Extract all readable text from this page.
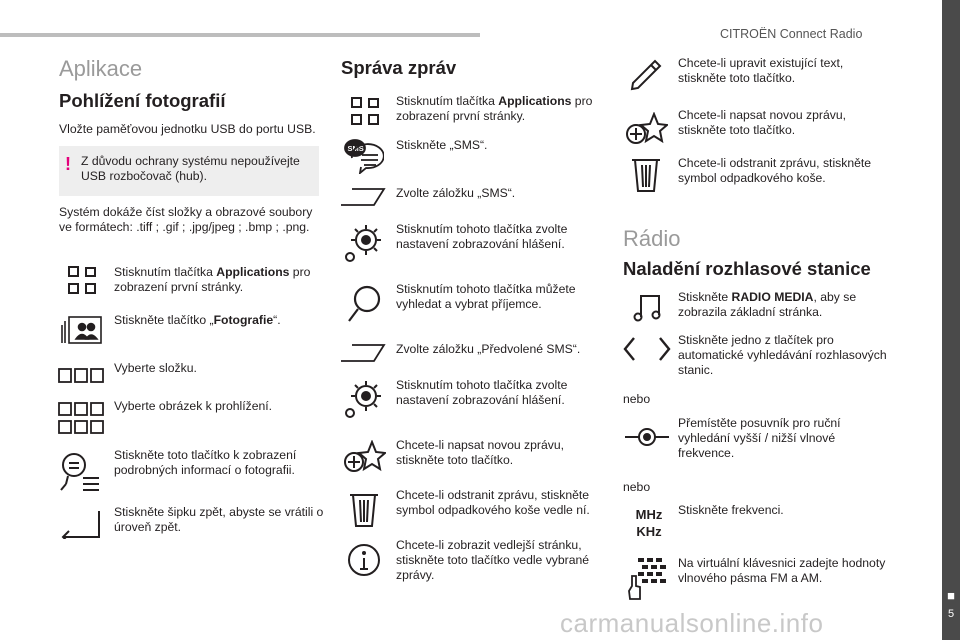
CITROËN Connect Radio
■
5
Aplikace
Pohlížení fotografií
Vložte paměťovou jednotku USB do portu USB.
! Z důvodu ochrany systému nepoužívejte USB rozbočovač (hub).
Systém dokáže číst složky a obrazové soubory ve formátech: .tiff ; .gif ; .jpg/jpeg ; .bmp ; .png.
Stisknutím tlačítka Applications pro zobrazení první stránky.
Stiskněte tlačítko „Fotografie“.
Vyberte složku.
Vyberte obrázek k prohlížení.
Stiskněte toto tlačítko k zobrazení podrobných informací o fotografii.
Stiskněte šipku zpět, abyste se vrátili o úroveň zpět.
Správa zpráv
Stisknutím tlačítka Applications pro zobrazení první stránky.
SMS	Stiskněte „SMS“.
Zvolte záložku „SMS“.
Stisknutím tohoto tlačítka zvolte nastavení zobrazování hlášení.
Stisknutím tohoto tlačítka můžete vyhledat a vybrat příjemce.
Zvolte záložku „Předvolené SMS“.
Stisknutím tohoto tlačítka zvolte nastavení zobrazování hlášení.
Chcete-li napsat novou zprávu, stiskněte toto tlačítko.
Chcete-li odstranit zprávu, stiskněte symbol odpadkového koše vedle ní.
Chcete-li zobrazit vedlejší stránku, stiskněte toto tlačítko vedle vybrané zprávy.
Chcete-li upravit existující text, stiskněte toto tlačítko.
Chcete-li napsat novou zprávu, stiskněte toto tlačítko.
Chcete-li odstranit zprávu, stiskněte symbol odpadkového koše.
Rádio
Naladění rozhlasové stanice
Stiskněte RADIO MEDIA, aby se zobrazila základní stránka.
Stiskněte jedno z tlačítek pro automatické vyhledávání rozhlasových stanic.
nebo
Přemístěte posuvník pro ruční vyhledání vyšší / nižší vlnové frekvence.
nebo
MHz
KHz
Stiskněte frekvenci.
Na virtuální klávesnici zadejte hodnoty vlnového pásma FM a AM.
carmanualsonline.info
